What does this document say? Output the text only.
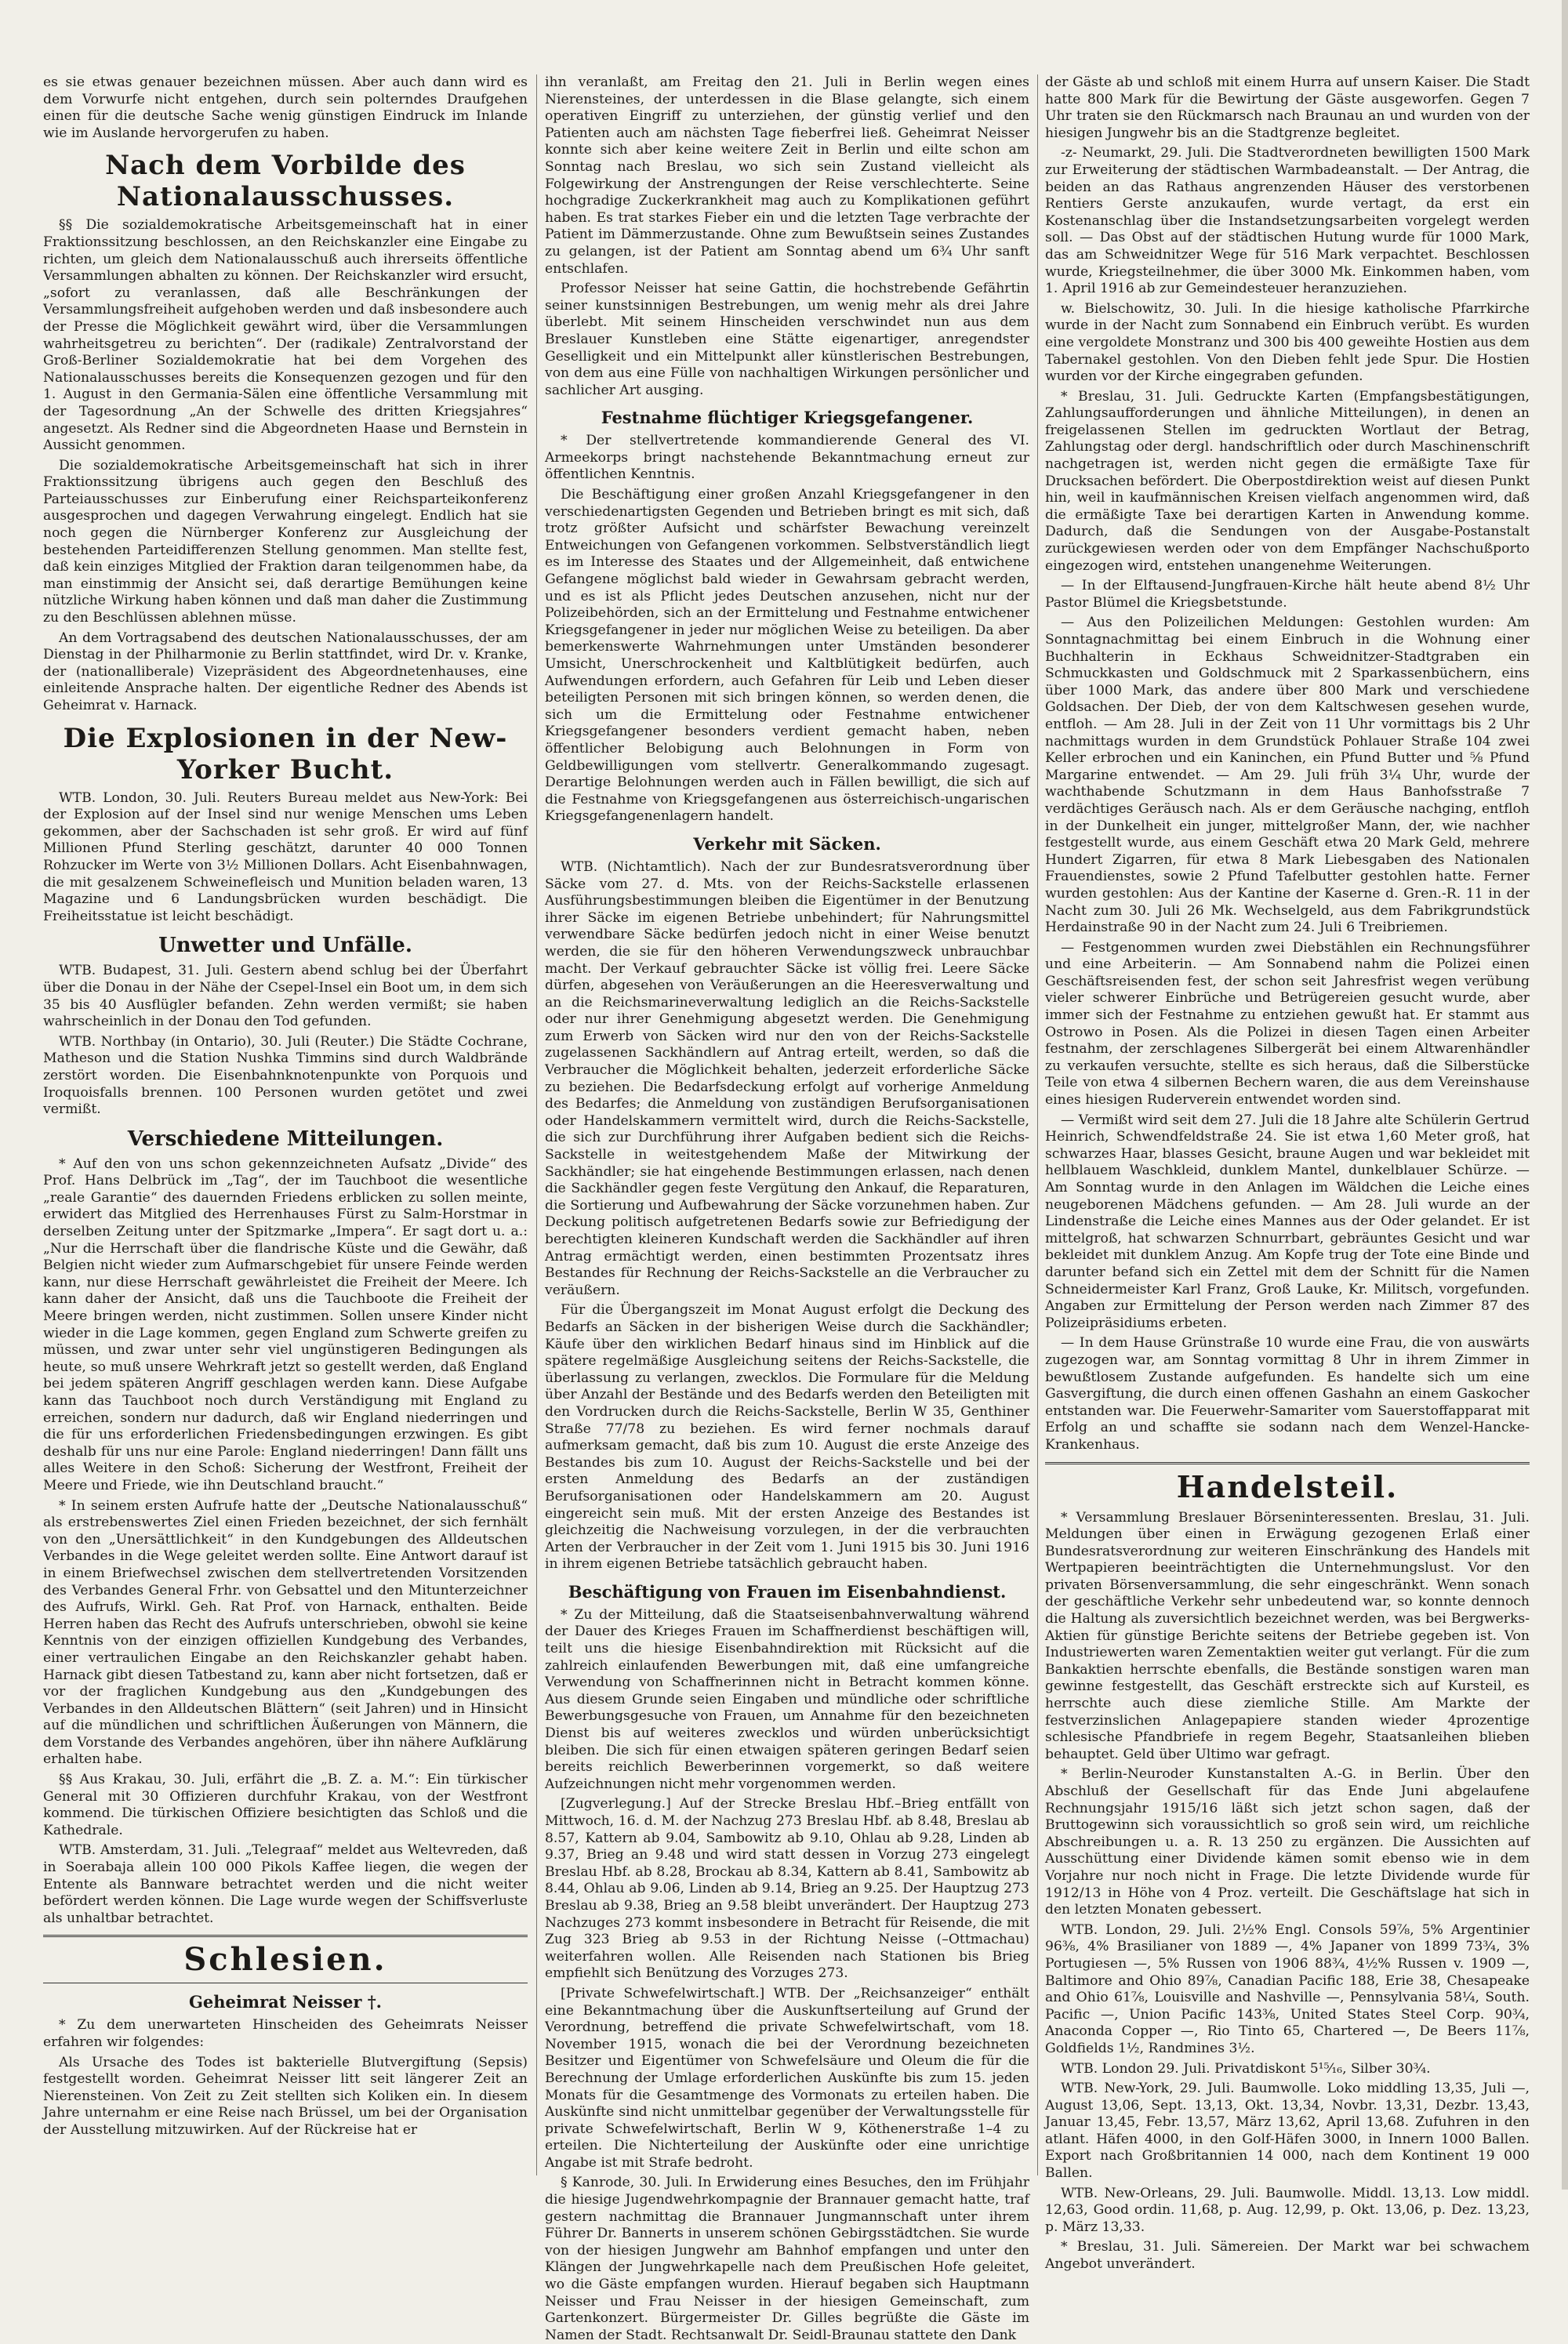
es sie etwas genauer bezeichnen müssen. Aber auch dann wird es dem Vorwurfe nicht entgehen, durch sein polterndes Draufgehen einen für die deutsche Sache wenig günstigen Eindruck im Inlande wie im Auslande hervorgerufen zu haben.

Nach dem Vorbilde des Nationalausschusses.

§§ Die sozialdemokratische Arbeitsgemeinschaft hat in einer Fraktionssitzung beschlossen, an den Reichskanzler eine Eingabe zu richten, um gleich dem Nationalausschuß auch ihrerseits öffentliche Versammlungen abhalten zu können. Der Reichskanzler wird ersucht, „sofort zu veranlassen, daß alle Beschränkungen der Versammlungsfreiheit aufgehoben werden und daß insbesondere auch der Presse die Möglichkeit gewährt wird, über die Versammlungen wahrheitsgetreu zu berichten“. Der (radikale) Zentralvorstand der Groß-Berliner Sozialdemokratie hat bei dem Vorgehen des Nationalausschusses bereits die Konsequenzen gezogen und für den 1. August in den Germania-Sälen eine öffentliche Versammlung mit der Tagesordnung „An der Schwelle des dritten Kriegsjahres“ angesetzt. Als Redner sind die Abgeordneten Haase und Bernstein in Aussicht genommen.

Die sozialdemokratische Arbeitsgemeinschaft hat sich in ihrer Fraktionssitzung übrigens auch gegen den Beschluß des Parteiausschusses zur Einberufung einer Reichsparteikonferenz ausgesprochen und dagegen Verwahrung eingelegt. Endlich hat sie noch gegen die Nürnberger Konferenz zur Ausgleichung der bestehenden Parteidifferenzen Stellung genommen. Man stellte fest, daß kein einziges Mitglied der Fraktion daran teilgenommen habe, da man einstimmig der Ansicht sei, daß derartige Bemühungen keine nützliche Wirkung haben können und daß man daher die Zustimmung zu den Beschlüssen ablehnen müsse.

An dem Vortragsabend des deutschen Nationalausschusses, der am Dienstag in der Philharmonie zu Berlin stattfindet, wird Dr. v. Kranke, der (nationalliberale) Vizepräsident des Abgeordnetenhauses, eine einleitende Ansprache halten. Der eigentliche Redner des Abends ist Geheimrat v. Harnack.

Die Explosionen in der New-Yorker Bucht.

WTB. London, 30. Juli. Reuters Bureau meldet aus New-York: Bei der Explosion auf der Insel sind nur wenige Menschen ums Leben gekommen, aber der Sachschaden ist sehr groß. Er wird auf fünf Millionen Pfund Sterling geschätzt, darunter 40 000 Tonnen Rohzucker im Werte von 3½ Millionen Dollars. Acht Eisenbahnwagen, die mit gesalzenem Schweinefleisch und Munition beladen waren, 13 Magazine und 6 Landungsbrücken wurden beschädigt. Die Freiheitsstatue ist leicht beschädigt.

Unwetter und Unfälle.

WTB. Budapest, 31. Juli. Gestern abend schlug bei der Überfahrt über die Donau in der Nähe der Csepel-Insel ein Boot um, in dem sich 35 bis 40 Ausflügler befanden. Zehn werden vermißt; sie haben wahrscheinlich in der Donau den Tod gefunden.

WTB. Northbay (in Ontario), 30. Juli (Reuter.) Die Städte Cochrane, Matheson und die Station Nushka Timmins sind durch Waldbrände zerstört worden. Die Eisenbahnknotenpunkte von Porquois und Iroquoisfalls brennen. 100 Personen wurden getötet und zwei vermißt.

Verschiedene Mitteilungen.

* Auf den von uns schon gekennzeichneten Aufsatz „Divide“ des Prof. Hans Delbrück im „Tag“, der im Tauchboot die wesentliche „reale Garantie“ des dauernden Friedens erblicken zu sollen meinte, erwidert das Mitglied des Herrenhauses Fürst zu Salm-Horstmar in derselben Zeitung unter der Spitzmarke „Impera“. Er sagt dort u. a.: „Nur die Herrschaft über die flandrische Küste und die Gewähr, daß Belgien nicht wieder zum Aufmarschgebiet für unsere Feinde werden kann, nur diese Herrschaft gewährleistet die Freiheit der Meere. Ich kann daher der Ansicht, daß uns die Tauchboote die Freiheit der Meere bringen werden, nicht zustimmen. Sollen unsere Kinder nicht wieder in die Lage kommen, gegen England zum Schwerte greifen zu müssen, und zwar unter sehr viel ungünstigeren Bedingungen als heute, so muß unsere Wehrkraft jetzt so gestellt werden, daß England bei jedem späteren Angriff geschlagen werden kann. Diese Aufgabe kann das Tauchboot noch durch Verständigung mit England zu erreichen, sondern nur dadurch, daß wir England niederringen und die für uns erforderlichen Friedensbedingungen erzwingen. Es gibt deshalb für uns nur eine Parole: England niederringen! Dann fällt uns alles Weitere in den Schoß: Sicherung der Westfront, Freiheit der Meere und Friede, wie ihn Deutschland braucht.“

* In seinem ersten Aufrufe hatte der „Deutsche Nationalausschuß“ als erstrebenswertes Ziel einen Frieden bezeichnet, der sich fernhält von den „Unersättlichkeit“ in den Kundgebungen des Alldeutschen Verbandes in die Wege geleitet werden sollte. Eine Antwort darauf ist in einem Briefwechsel zwischen dem stellvertretenden Vorsitzenden des Verbandes General Frhr. von Gebsattel und den Mitunterzeichner des Aufrufs, Wirkl. Geh. Rat Prof. von Harnack, enthalten. Beide Herren haben das Recht des Aufrufs unterschrieben, obwohl sie keine Kenntnis von der einzigen offiziellen Kundgebung des Verbandes, einer vertraulichen Eingabe an den Reichskanzler gehabt haben. Harnack gibt diesen Tatbestand zu, kann aber nicht fortsetzen, daß er vor der fraglichen Kundgebung aus den „Kundgebungen des Verbandes in den Alldeutschen Blättern“ (seit Jahren) und in Hinsicht auf die mündlichen und schriftlichen Äußerungen von Männern, die dem Vorstande des Verbandes angehören, über ihn nähere Aufklärung erhalten habe.

§§ Aus Krakau, 30. Juli, erfährt die „B. Z. a. M.“: Ein türkischer General mit 30 Offizieren durchfuhr Krakau, von der Westfront kommend. Die türkischen Offiziere besichtigten das Schloß und die Kathedrale.

WTB. Amsterdam, 31. Juli. „Telegraaf“ meldet aus Weltevreden, daß in Soerabaja allein 100 000 Pikols Kaffee liegen, die wegen der Entente als Bannware betrachtet werden und die nicht weiter befördert werden können. Die Lage wurde wegen der Schiffsverluste als unhaltbar betrachtet.

Schlesien.
Geheimrat Neisser †.

* Zu dem unerwarteten Hinscheiden des Geheimrats Neisser erfahren wir folgendes:

Als Ursache des Todes ist bakterielle Blutvergiftung (Sepsis) festgestellt worden. Geheimrat Neisser litt seit längerer Zeit an Nierensteinen. Von Zeit zu Zeit stellten sich Koliken ein. In diesem Jahre unternahm er eine Reise nach Brüssel, um bei der Organisation der Ausstellung mitzuwirken. Auf der Rückreise hat er

ihn veranlaßt, am Freitag den 21. Juli in Berlin wegen eines Nierensteines, der unterdessen in die Blase gelangte, sich einem operativen Eingriff zu unterziehen, der günstig verlief und den Patienten auch am nächsten Tage fieberfrei ließ. Geheimrat Neisser konnte sich aber keine weitere Zeit in Berlin und eilte schon am Sonntag nach Breslau, wo sich sein Zustand vielleicht als Folgewirkung der Anstrengungen der Reise verschlechterte. Seine hochgradige Zuckerkrankheit mag auch zu Komplikationen geführt haben. Es trat starkes Fieber ein und die letzten Tage verbrachte der Patient im Dämmerzustande. Ohne zum Bewußtsein seines Zustandes zu gelangen, ist der Patient am Sonntag abend um 6¾ Uhr sanft entschlafen.

Professor Neisser hat seine Gattin, die hochstrebende Gefährtin seiner kunstsinnigen Bestrebungen, um wenig mehr als drei Jahre überlebt. Mit seinem Hinscheiden verschwindet nun aus dem Breslauer Kunstleben eine Stätte eigenartiger, anregendster Geselligkeit und ein Mittelpunkt aller künstlerischen Bestrebungen, von dem aus eine Fülle von nachhaltigen Wirkungen persönlicher und sachlicher Art ausging.

Festnahme flüchtiger Kriegsgefangener.

* Der stellvertretende kommandierende General des VI. Armeekorps bringt nachstehende Bekanntmachung erneut zur öffentlichen Kenntnis.

Die Beschäftigung einer großen Anzahl Kriegsgefangener in den verschiedenartigsten Gegenden und Betrieben bringt es mit sich, daß trotz größter Aufsicht und schärfster Bewachung vereinzelt Entweichungen von Gefangenen vorkommen. Selbstverständlich liegt es im Interesse des Staates und der Allgemeinheit, daß entwichene Gefangene möglichst bald wieder in Gewahrsam gebracht werden, und es ist als Pflicht jedes Deutschen anzusehen, nicht nur der Polizeibehörden, sich an der Ermittelung und Festnahme entwichener Kriegsgefangener in jeder nur möglichen Weise zu beteiligen. Da aber bemerkenswerte Wahrnehmungen unter Umständen besonderer Umsicht, Unerschrockenheit und Kaltblütigkeit bedürfen, auch Aufwendungen erfordern, auch Gefahren für Leib und Leben dieser beteiligten Personen mit sich bringen können, so werden denen, die sich um die Ermittelung oder Festnahme entwichener Kriegsgefangener besonders verdient gemacht haben, neben öffentlicher Belobigung auch Belohnungen in Form von Geldbewilligungen vom stellvertr. Generalkommando zugesagt. Derartige Belohnungen werden auch in Fällen bewilligt, die sich auf die Festnahme von Kriegsgefangenen aus österreichisch-ungarischen Kriegsgefangenenlagern handelt.

Verkehr mit Säcken.

WTB. (Nichtamtlich). Nach der zur Bundesratsverordnung über Säcke vom 27. d. Mts. von der Reichs-Sackstelle erlassenen Ausführungsbestimmungen bleiben die Eigentümer in der Benutzung ihrer Säcke im eigenen Betriebe unbehindert; für Nahrungsmittel verwendbare Säcke bedürfen jedoch nicht in einer Weise benutzt werden, die sie für den höheren Verwendungszweck unbrauchbar macht. Der Verkauf gebrauchter Säcke ist völlig frei. Leere Säcke dürfen, abgesehen von Veräußerungen an die Heeresverwaltung und an die Reichsmarineverwaltung lediglich an die Reichs-Sackstelle oder nur ihrer Genehmigung abgesetzt werden. Die Genehmigung zum Erwerb von Säcken wird nur den von der Reichs-Sackstelle zugelassenen Sackhändlern auf Antrag erteilt, werden, so daß die Verbraucher die Möglichkeit behalten, jederzeit erforderliche Säcke zu beziehen. Die Bedarfsdeckung erfolgt auf vorherige Anmeldung des Bedarfes; die Anmeldung von zuständigen Berufsorganisationen oder Handelskammern vermittelt wird, durch die Reichs-Sackstelle, die sich zur Durchführung ihrer Aufgaben bedient sich die Reichs-Sackstelle in weitestgehendem Maße der Mitwirkung der Sackhändler; sie hat eingehende Bestimmungen erlassen, nach denen die Sackhändler gegen feste Vergütung den Ankauf, die Reparaturen, die Sortierung und Aufbewahrung der Säcke vorzunehmen haben. Zur Deckung politisch aufgetretenen Bedarfs sowie zur Befriedigung der berechtigten kleineren Kundschaft werden die Sackhändler auf ihren Antrag ermächtigt werden, einen bestimmten Prozentsatz ihres Bestandes für Rechnung der Reichs-Sackstelle an die Verbraucher zu veräußern.

Für die Übergangszeit im Monat August erfolgt die Deckung des Bedarfs an Säcken in der bisherigen Weise durch die Sackhändler; Käufe über den wirklichen Bedarf hinaus sind im Hinblick auf die spätere regelmäßige Ausgleichung seitens der Reichs-Sackstelle, die überlassung zu verlangen, zwecklos. Die Formulare für die Meldung über Anzahl der Bestände und des Bedarfs werden den Beteiligten mit den Vordrucken durch die Reichs-Sackstelle, Berlin W 35, Genthiner Straße 77/78 zu beziehen. Es wird ferner nochmals darauf aufmerksam gemacht, daß bis zum 10. August die erste Anzeige des Bestandes bis zum 10. August der Reichs-Sackstelle und bei der ersten Anmeldung des Bedarfs an der zuständigen Berufsorganisationen oder Handelskammern am 20. August eingereicht sein muß. Mit der ersten Anzeige des Bestandes ist gleichzeitig die Nachweisung vorzulegen, in der die verbrauchten Arten der Verbraucher in der Zeit vom 1. Juni 1915 bis 30. Juni 1916 in ihrem eigenen Betriebe tatsächlich gebraucht haben.

Beschäftigung von Frauen im Eisenbahndienst.

* Zu der Mitteilung, daß die Staatseisenbahnverwaltung während der Dauer des Krieges Frauen im Schaffnerdienst beschäftigen will, teilt uns die hiesige Eisenbahndirektion mit Rücksicht auf die zahlreich einlaufenden Bewerbungen mit, daß eine umfangreiche Verwendung von Schaffnerinnen nicht in Betracht kommen könne. Aus diesem Grunde seien Eingaben und mündliche oder schriftliche Bewerbungsgesuche von Frauen, um Annahme für den bezeichneten Dienst bis auf weiteres zwecklos und würden unberücksichtigt bleiben. Die sich für einen etwaigen späteren geringen Bedarf seien bereits reichlich Bewerberinnen vorgemerkt, so daß weitere Aufzeichnungen nicht mehr vorgenommen werden.

[Zugverlegung.] Auf der Strecke Breslau Hbf.–Brieg entfällt von Mittwoch, 16. d. M. der Nachzug 273 Breslau Hbf. ab 8.48, Breslau ab 8.57, Kattern ab 9.04, Sambowitz ab 9.10, Ohlau ab 9.28, Linden ab 9.37, Brieg an 9.48 und wird statt dessen in Vorzug 273 eingelegt Breslau Hbf. ab 8.28, Brockau ab 8.34, Kattern ab 8.41, Sambowitz ab 8.44, Ohlau ab 9.06, Linden ab 9.14, Brieg an 9.25. Der Hauptzug 273 Breslau ab 9.38, Brieg an 9.58 bleibt unverändert. Der Hauptzug 273 Nachzuges 273 kommt insbesondere in Betracht für Reisende, die mit Zug 323 Brieg ab 9.53 in der Richtung Neisse (–Ottmachau) weiterfahren wollen. Alle Reisenden nach Stationen bis Brieg empfiehlt sich Benützung des Vorzuges 273.

[Private Schwefelwirtschaft.] WTB. Der „Reichsanzeiger“ enthält eine Bekanntmachung über die Auskunftserteilung auf Grund der Verordnung, betreffend die private Schwefelwirtschaft, vom 18. November 1915, wonach die bei der Verordnung bezeichneten Besitzer und Eigentümer von Schwefelsäure und Oleum die für die Berechnung der Umlage erforderlichen Auskünfte bis zum 15. jeden Monats für die Gesamtmenge des Vormonats zu erteilen haben. Die Auskünfte sind nicht unmittelbar gegenüber der Verwaltungsstelle für private Schwefelwirtschaft, Berlin W 9, Köthenerstraße 1–4 zu erteilen. Die Nichterteilung der Auskünfte oder eine unrichtige Angabe ist mit Strafe bedroht.

§ Kanrode, 30. Juli. In Erwiderung eines Besuches, den im Frühjahr die hiesige Jugendwehrkompagnie der Brannauer gemacht hatte, traf gestern nachmittag die Brannauer Jungmannschaft unter ihrem Führer Dr. Bannerts in unserem schönen Gebirgsstädtchen. Sie wurde von der hiesigen Jungwehr am Bahnhof empfangen und unter den Klängen der Jungwehrkapelle nach dem Preußischen Hofe geleitet, wo die Gäste empfangen wurden. Hierauf begaben sich Hauptmann Neisser und Frau Neisser in der hiesigen Gemeinschaft, zum Gartenkonzert. Bürgermeister Dr. Gilles begrüßte die Gäste im Namen der Stadt. Rechtsanwalt Dr. Seidl-Braunau stattete den Dank

der Gäste ab und schloß mit einem Hurra auf unsern Kaiser. Die Stadt hatte 800 Mark für die Bewirtung der Gäste ausgeworfen. Gegen 7 Uhr traten sie den Rückmarsch nach Braunau an und wurden von der hiesigen Jungwehr bis an die Stadtgrenze begleitet.

-z- Neumarkt, 29. Juli. Die Stadtverordneten bewilligten 1500 Mark zur Erweiterung der städtischen Warmbadeanstalt. — Der Antrag, die beiden an das Rathaus angrenzenden Häuser des verstorbenen Rentiers Gerste anzukaufen, wurde vertagt, da erst ein Kostenanschlag über die Instandsetzungsarbeiten vorgelegt werden soll. — Das Obst auf der städtischen Hutung wurde für 1000 Mark, das am Schweidnitzer Wege für 516 Mark verpachtet. Beschlossen wurde, Kriegsteilnehmer, die über 3000 Mk. Einkommen haben, vom 1. April 1916 ab zur Gemeindesteuer heranzuziehen.

w. Bielschowitz, 30. Juli. In die hiesige katholische Pfarrkirche wurde in der Nacht zum Sonnabend ein Einbruch verübt. Es wurden eine vergoldete Monstranz und 300 bis 400 geweihte Hostien aus dem Tabernakel gestohlen. Von den Dieben fehlt jede Spur. Die Hostien wurden vor der Kirche eingegraben gefunden.

* Breslau, 31. Juli. Gedruckte Karten (Empfangsbestätigungen, Zahlungsaufforderungen und ähnliche Mitteilungen), in denen an freigelassenen Stellen im gedruckten Wortlaut der Betrag, Zahlungstag oder dergl. handschriftlich oder durch Maschinenschrift nachgetragen ist, werden nicht gegen die ermäßigte Taxe für Drucksachen befördert. Die Oberpostdirektion weist auf diesen Punkt hin, weil in kaufmännischen Kreisen vielfach angenommen wird, daß die ermäßigte Taxe bei derartigen Karten in Anwendung komme. Dadurch, daß die Sendungen von der Ausgabe-Postanstalt zurückgewiesen werden oder von dem Empfänger Nachschußporto eingezogen wird, entstehen unangenehme Weiterungen.

— In der Elftausend-Jungfrauen-Kirche hält heute abend 8½ Uhr Pastor Blümel die Kriegsbetstunde.

— Aus den Polizeilichen Meldungen: Gestohlen wurden: Am Sonntagnachmittag bei einem Einbruch in die Wohnung einer Buchhalterin in Eckhaus Schweidnitzer-Stadtgraben ein Schmuckkasten und Goldschmuck mit 2 Sparkassenbüchern, eins über 1000 Mark, das andere über 800 Mark und verschiedene Goldsachen. Der Dieb, der von dem Kaltschwesen gesehen wurde, entfloh. — Am 28. Juli in der Zeit von 11 Uhr vormittags bis 2 Uhr nachmittags wurden in dem Grundstück Pohlauer Straße 104 zwei Keller erbrochen und ein Kaninchen, ein Pfund Butter und ⅝ Pfund Margarine entwendet. — Am 29. Juli früh 3¼ Uhr, wurde der wachthabende Schutzmann in dem Haus Banhofsstraße 7 verdächtiges Geräusch nach. Als er dem Geräusche nachging, entfloh in der Dunkelheit ein junger, mittelgroßer Mann, der, wie nachher festgestellt wurde, aus einem Geschäft etwa 20 Mark Geld, mehrere Hundert Zigarren, für etwa 8 Mark Liebesgaben des Nationalen Frauendienstes, sowie 2 Pfund Tafelbutter gestohlen hatte. Ferner wurden gestohlen: Aus der Kantine der Kaserne d. Gren.-R. 11 in der Nacht zum 30. Juli 26 Mk. Wechselgeld, aus dem Fabrikgrundstück Herdainstraße 90 in der Nacht zum 24. Juli 6 Treibriemen.

— Festgenommen wurden zwei Diebstählen ein Rechnungsführer und eine Arbeiterin. — Am Sonnabend nahm die Polizei einen Geschäftsreisenden fest, der schon seit Jahresfrist wegen verübung vieler schwerer Einbrüche und Betrügereien gesucht wurde, aber immer sich der Festnahme zu entziehen gewußt hat. Er stammt aus Ostrowo in Posen. Als die Polizei in diesen Tagen einen Arbeiter festnahm, der zerschlagenes Silbergerät bei einem Altwarenhändler zu verkaufen versuchte, stellte es sich heraus, daß die Silberstücke Teile von etwa 4 silbernen Bechern waren, die aus dem Vereinshause eines hiesigen Ruderverein entwendet worden sind.

— Vermißt wird seit dem 27. Juli die 18 Jahre alte Schülerin Gertrud Heinrich, Schwendfeldstraße 24. Sie ist etwa 1,60 Meter groß, hat schwarzes Haar, blasses Gesicht, braune Augen und war bekleidet mit hellblauem Waschkleid, dunklem Mantel, dunkelblauer Schürze. — Am Sonntag wurde in den Anlagen im Wäldchen die Leiche eines neugeborenen Mädchens gefunden. — Am 28. Juli wurde an der Lindenstraße die Leiche eines Mannes aus der Oder gelandet. Er ist mittelgroß, hat schwarzen Schnurrbart, gebräuntes Gesicht und war bekleidet mit dunklem Anzug. Am Kopfe trug der Tote eine Binde und darunter befand sich ein Zettel mit dem der Schnitt für die Namen Schneidermeister Karl Franz, Groß Lauke, Kr. Militsch, vorgefunden. Angaben zur Ermittelung der Person werden nach Zimmer 87 des Polizeipräsidiums erbeten.

— In dem Hause Grünstraße 10 wurde eine Frau, die von auswärts zugezogen war, am Sonntag vormittag 8 Uhr in ihrem Zimmer in bewußtlosem Zustande aufgefunden. Es handelte sich um eine Gasvergiftung, die durch einen offenen Gashahn an einem Gaskocher entstanden war. Die Feuerwehr-Samariter vom Sauerstoffapparat mit Erfolg an und schaffte sie sodann nach dem Wenzel-Hancke-Krankenhaus.

Handelsteil.

* Versammlung Breslauer Börseninteressenten. Breslau, 31. Juli. Meldungen über einen in Erwägung gezogenen Erlaß einer Bundesratsverordnung zur weiteren Einschränkung des Handels mit Wertpapieren beeinträchtigten die Unternehmungslust. Vor den privaten Börsenversammlung, die sehr eingeschränkt. Wenn sonach der geschäftliche Verkehr sehr unbedeutend war, so konnte dennoch die Haltung als zuversichtlich bezeichnet werden, was bei Bergwerks-Aktien für günstige Berichte seitens der Betriebe gegeben ist. Von Industriewerten waren Zementaktien weiter gut verlangt. Für die zum Bankaktien herrschte ebenfalls, die Bestände sonstigen waren man gewinne festgestellt, das Geschäft erstreckte sich auf Kursteil, es herrschte auch diese ziemliche Stille. Am Markte der festverzinslichen Anlagepapiere standen wieder 4prozentige schlesische Pfandbriefe in regem Begehr, Staatsanleihen blieben behauptet. Geld über Ultimo war gefragt.

* Berlin-Neuroder Kunstanstalten A.-G. in Berlin. Über den Abschluß der Gesellschaft für das Ende Juni abgelaufene Rechnungsjahr 1915/16 läßt sich jetzt schon sagen, daß der Bruttogewinn sich voraussichtlich so groß sein wird, um reichliche Abschreibungen u. a. R. 13 250 zu ergänzen. Die Aussichten auf Ausschüttung einer Dividende kämen somit ebenso wie in dem Vorjahre nur noch nicht in Frage. Die letzte Dividende wurde für 1912/13 in Höhe von 4 Proz. verteilt. Die Geschäftslage hat sich in den letzten Monaten gebessert.

WTB. London, 29. Juli. 2½% Engl. Consols 59⅞, 5% Argentinier 96⅜, 4% Brasilianer von 1889 —, 4% Japaner von 1899 73¾, 3% Portugiesen —, 5% Russen von 1906 88¾, 4½% Russen v. 1909 —, Baltimore and Ohio 89⅞, Canadian Pacific 188, Erie 38, Chesapeake and Ohio 61⅞, Louisville and Nashville —, Pennsylvania 58¼, South. Pacific —, Union Pacific 143⅜, United States Steel Corp. 90¾, Anaconda Copper —, Rio Tinto 65, Chartered —, De Beers 11⅞, Goldfields 1½, Randmines 3½.

WTB. London 29. Juli. Privatdiskont 5¹⁵⁄₁₆, Silber 30¾.

WTB. New-York, 29. Juli. Baumwolle. Loko middling 13,35, Juli —, August 13,06, Sept. 13,13, Okt. 13,34, Novbr. 13,31, Dezbr. 13,43, Januar 13,45, Febr. 13,57, März 13,62, April 13,68. Zufuhren in den atlant. Häfen 4000, in den Golf-Häfen 3000, in Innern 1000 Ballen. Export nach Großbritannien 14 000, nach dem Kontinent 19 000 Ballen.

WTB. New-Orleans, 29. Juli. Baumwolle. Middl. 13,13. Low middl. 12,63, Good ordin. 11,68, p. Aug. 12,99, p. Okt. 13,06, p. Dez. 13,23, p. März 13,33.

* Breslau, 31. Juli. Sämereien. Der Markt war bei schwachem Angebot unverändert.
